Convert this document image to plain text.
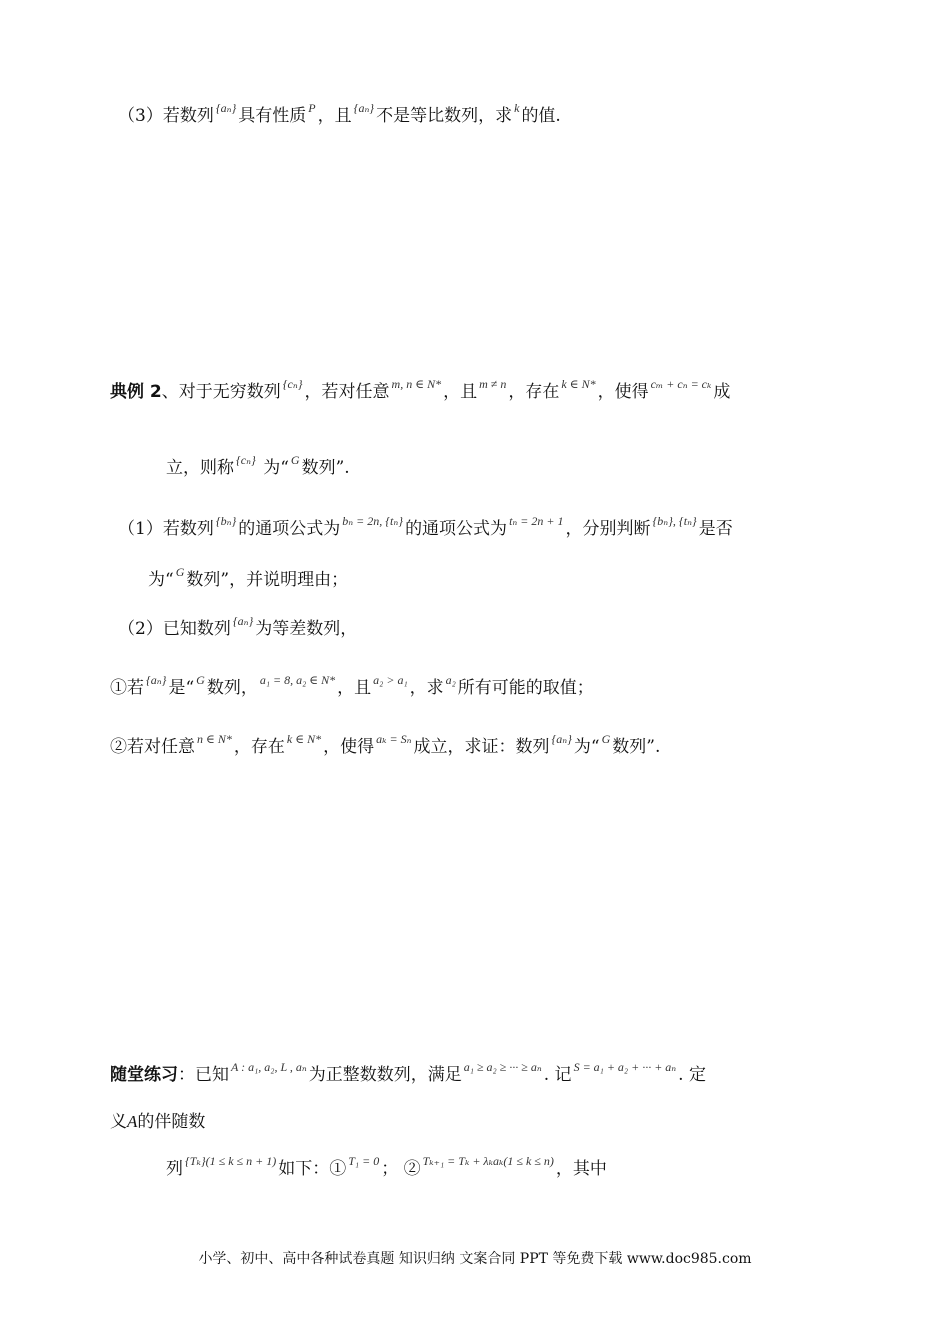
（3）若数列 $^{\{a_n\}}$ 具有性质 $^P$ ，且 $^{\{a_n\}}$ 不是等比数列，求 $^k$ 的值.
典例 2、对于无穷数列 $^{\{c_n\}}$ ，若对任意 $^{m, n \in N*}$ ，且 $^{m \ne n}$ ，存在 $^{k \in N*}$ ，使得 $^{c_m + c_n = c_k}$ 成
立，则称 $^{\{c_n\}}$ 为“ $^G$ 数列”.
（1）若数列 $^{\{b_n\}}$ 的通项公式为 $^{b_n = 2n, \{t_n\}}$ 的通项公式为 $^{t_n = 2n + 1}$ ，分别判断 $^{\{b_n\}, \{t_n\}}$ 是否
为“ $^G$ 数列”，并说明理由；
（2）已知数列 $^{\{a_n\}}$ 为等差数列，
①若 $^{\{a_n\}}$ 是“ $^G$ 数列， $^{a_1 = 8, a_2 \in N*}$ ，且 $^{a_2 > a_1}$ ，求 $^{a_2}$ 所有可能的取值；
②若对任意 $^{n \in N*}$ ，存在 $^{k \in N*}$ ，使得 $^{a_k = S_n}$ 成立，求证：数列 $^{\{a_n\}}$ 为“ $^G$ 数列”.
随堂练习：已知 $^{A : a_1, a_2, L , a_n}$ 为正整数数列，满足 $^{a_1 \ge a_2 \ge \cdot\cdot\cdot \ge a_n}$ . 记 $^{S = a_1 + a_2 + \cdot\cdot\cdot + a_n}$ . 定
义A的伴随数
列 $^{\{T_k\}(1 \le k \le n + 1)}$ 如下：① $^{T_1 = 0}$ ； ② $^{T_{k+1} = T_k + \lambda_ka_k(1 \le k \le n)}$ ，其中
小学、初中、高中各种试卷真题 知识归纳 文案合同 PPT 等免费下载 www.doc985.com
